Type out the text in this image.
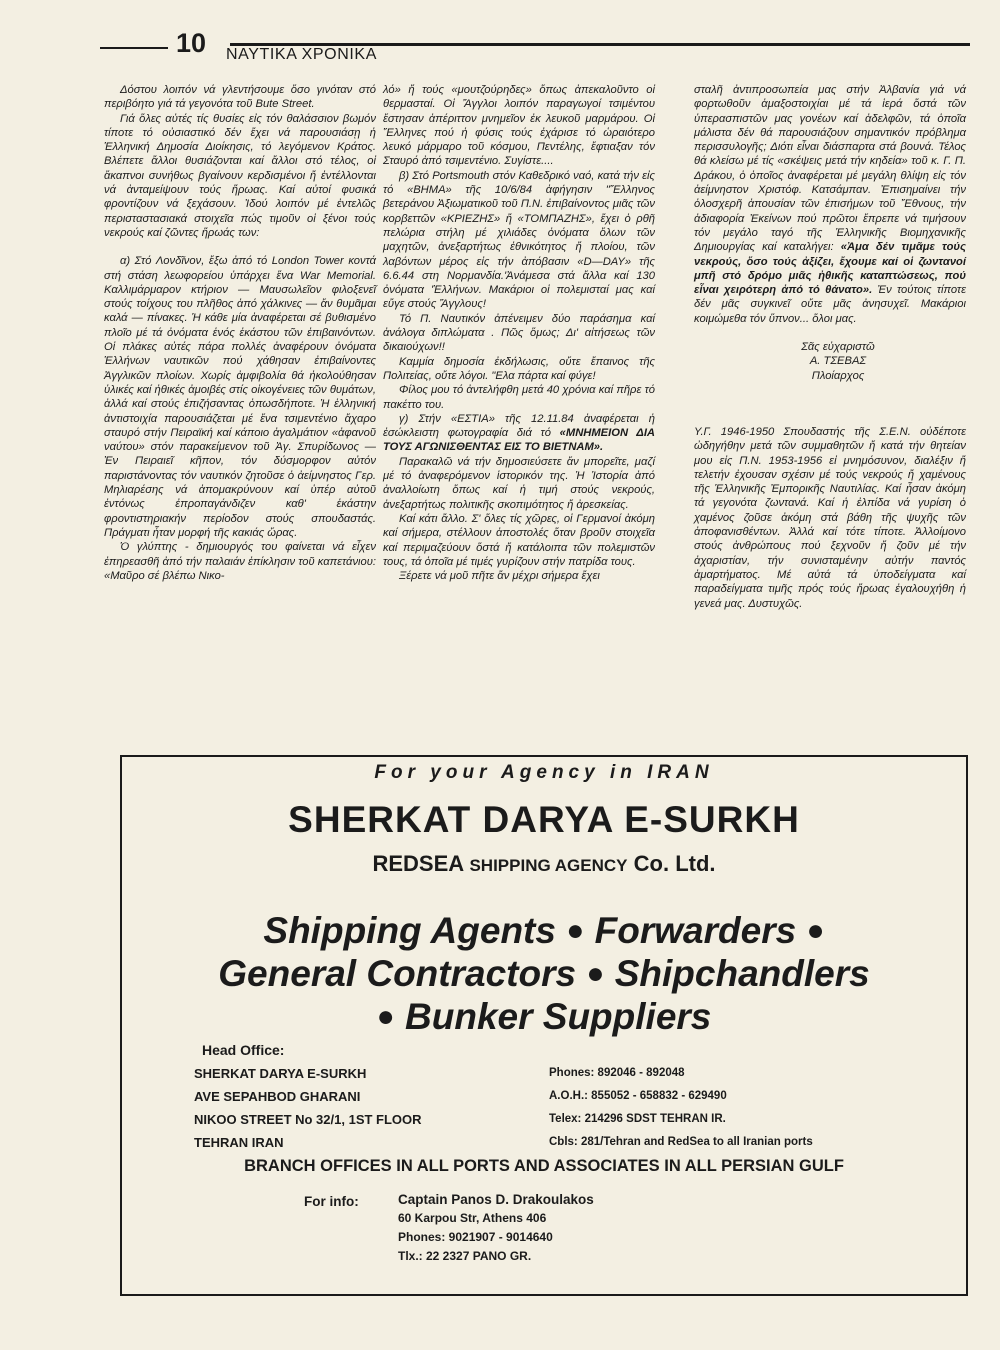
10 ΝΑΥΤΙΚΑ ΧΡΟΝΙΚΑ

Δόστου λοιπόν νά γλεντήσουμε ὅσο γινόταν στό περιβόητο γιά τά γεγονότα τοῦ Bute Street.

Γιά ὅλες αὐτές τίς θυσίες εἰς τόν θαλάσσιον βωμόν τίποτε τό οὐσιαστικό δέν ἔχει νά παρουσιάσῃ ἡ Ἑλληνική Δημοσία Διοίκησις, τό λεγόμενον Κράτος. Βλέπετε ἄλλοι θυσιάζονται καί ἄλλοι στό τέλος, οἱ ἄκαπνοι συνήθως βγαίνουν κερδισμένοι ἤ ἐντέλλονται νά ἀνταμείψουν τούς ἥρωας. Καί αὐτοί φυσικά φροντίζουν νά ξεχάσουν. Ἰδού λοιπόν μέ ἐντελῶς περισταστασιακά στοιχεῖα πώς τιμοῦν οἱ ξένοι τούς νεκρούς καί ζῶντες ἥρωάς των:

α) Στό Λονδῖνον, ἔξω ἀπό τό London Tower κοντά στή στάση λεωφορείου ὑπάρχει ἕνα War Memorial. Καλλιμάρμαρον κτήριον — Μαυσωλεῖον φιλοξενεῖ στούς τοίχους του πλῆθος ἀπό χάλκινες — ἄν θυμᾶμαι καλά — πίνακες. Ἡ κάθε μία ἀναφέρεται σέ βυθισμένο πλοῖο μέ τά ὀνόματα ἑνός ἑκάστου τῶν ἐπιβαινόντων. Οἱ πλάκες αὐτές πάρα πολλές ἀναφέρουν ὀνόματα Ἑλλήνων ναυτικῶν πού χάθησαν ἐπιβαίνοντες Ἀγγλικῶν πλοίων. Χωρίς ἀμφιβολία θά ἠκολούθησαν ὑλικές καί ἠθικές ἀμοιβές στίς οἰκογένειες τῶν θυμάτων, ἀλλά καί στούς ἐπιζήσαντας ὁπωσδήποτε. Ἡ ἑλληνική ἀντιστοιχία παρουσιάζεται μέ ἕνα τσιμεντένιο ἄχαρο σταυρό στήν Πειραϊκή καί κάποιο ἀγαλμάτιον «ἀφανοῦ ναύτου» στόν παρακείμενον τοῦ Ἀγ. Σπυρίδωνος — Ἐν Πειραιεῖ κῆπον, τόν δύσμορφον αὐτόν παριστάνοντας τόν ναυτικόν ζητοῦσε ὁ ἀείμνηστος Γερ. Μηλιαρέσης νά ἀπομακρύνουν καί ὑπέρ αὐτοῦ ἐντόνως ἐπροπαγάνδιζεν καθ' ἑκάστην φροντιστηριακήν περίοδον στούς σπουδαστάς. Πράγματι ἦταν μορφή τῆς κακιάς ὥρας.

Ὁ γλύπτης - δημιουργός του φαίνεται νά εἶχεν ἐπηρεασθῆ ἀπό τήν παλαιάν ἐπίκλησιν τοῦ καπετάνιου: «Μαῦρο σέ βλέπω Νικο-

λό» ἤ τούς «μουτζούρηδες» ὅπως ἀπεκαλοῦντο οἱ θερμασταί. Οἱ Ἄγγλοι λοιπόν παραγωγοί τσιμέντου ἔστησαν ἀπέριττον μνημεῖον ἐκ λευκοῦ μαρμάρου. Οἱ Ἕλληνες πού ἡ φύσις τούς ἐχάρισε τό ὡραιότερο λευκό μάρμαρο τοῦ κόσμου, Πεντέλης, ἔφτιαξαν τόν Σταυρό ἀπό τσιμεντένιο. Συγίστε....

β) Στό Portsmouth στόν Καθεδρικό ναό, κατά τήν εἰς τό «ΒΗΜΑ» τῆς 10/6/84 ἀφήγησιν "Ἕλληνος βετεράνου Ἀξιωματικοῦ τοῦ Π.Ν. ἐπιβαίνοντος μιᾶς τῶν κορβεττῶν «ΚΡΙΕΖΗΣ» ἤ «ΤΟΜΠΑΖΗΣ», ἔχει ὀ ρθῆ πελώρια στήλη μέ χιλιάδες ὀνόματα ὅλων τῶν μαχητῶν, ἀνεξαρτήτως ἐθνικότητος ἤ πλοίου, τῶν λαβόντων μέρος εἰς τήν ἀπόβασιν «D—DAY» τῆς 6.6.44 στη Νορμανδία.'Ἀνάμεσα στά ἄλλα καί 130 ὀνόματα 'Ἑλλήνων. Μακάριοι οἱ πολεμισταί μας καί εὔγε στούς Ἄγγλους!

Τό Π. Ναυτικόν ἀπένειμεν δύο παράσημα καί ἀνάλογα διπλώματα . Πῶς ὅμως; Δι' αἰτήσεως τῶν δικαιούχων!!

Καμμία δημοσία ἐκδήλωσις, οὔτε ἔπαινος τῆς Πολιτείας, οὔτε λόγοι. "Ελα πάρτα καί φύγε!

Φίλος μου τό ἀντελήφθη μετά 40 χρόνια καί πῆρε τό πακέττο του.

γ) Στήν «ΕΣΤΙΑ» τῆς 12.11.84 ἀναφέρεται ἡ ἐσώκλειστη φωτογραφία διά τό «ΜΝΗΜΕΙΟΝ ΔΙΑ ΤΟΥΣ ΑΓΩΝΙΣΘΕΝΤΑΣ ΕΙΣ ΤΟ ΒΙΕΤΝΑΜ».

Παρακαλῶ νά τήν δημοσιεύσετε ἄν μπορεῖτε, μαζί μέ τό ἀναφερόμενον ἱστορικόν της. Ἡ Ἱστορία ἀπό ἀναλλοίωτη ὅπως καί ἡ τιμή στούς νεκρούς, ἀνεξαρτήτως πολιτικῆς σκοπιμότητος ἤ ἀρεσκείας.

Καί κάτι ἄλλο. Σ' ὅλες τίς χῶρες, οἱ Γερμανοί ἀκόμη καί σήμερα, στέλλουν ἀποστολές ὅταν βροῦν στοιχεῖα καί περιμαζεύουν ὅστά ἤ κατάλοιπα τῶν πολεμιστῶν τους, τά ὁποῖα μέ τιμές γυρίζουν στήν πατρίδα τους.

Ξέρετε νά μοῦ πῆτε ἄν μέχρι σήμερα ἔχει

σταλῆ ἀντιπροσωπεία μας στήν Ἀλβανία γιά νά φορτωθοῦν ἁμαξοστοιχίαι μέ τά ἱερά ὅστά τῶν ὑπερασπιστῶν μας γονέων καί ἀδελφῶν, τά ὁποῖα μάλιστα δέν θά παρουσιάζουν σημαντικόν πρόβλημα περισσυλογῆς; Διότι εἶναι διάσπαρτα στά βουνά. Τέλος θά κλείσω μέ τίς «σκέψεις μετά τήν κηδεία» τοῦ κ. Γ. Π. Δράκου, ὁ ὁποῖος ἀναφέρεται μέ μεγάλη θλίψη εἰς τόν ἀείμνηστον Χριστόφ. Κατσάμπαν. Ἐπισημαίνει τήν ὁλοσχερῆ ἀπουσίαν τῶν ἐπισήμων τοῦ Ἔθνους, τήν ἀδιαφορία Ἐκείνων πού πρῶτοι ἔπρεπε νά τιμήσουν τόν μεγάλο ταγό τῆς Ἑλληνικῆς Βιομηχανικῆς Δημιουργίας καί καταλήγει: «Ἀμα δέν τιμᾶμε τούς νεκρούς, ὅσο τούς ἀξίζει, ἔχουμε καί οἱ ζωντανοί μπῆ στό δρόμο μιᾶς ἠθικῆς καταπτώσεως, πού εἶναι χειρότερη ἀπό τό θάνατο». Ἐν τούτοις τίποτε δέν μᾶς συγκινεῖ οὔτε μᾶς ἀνησυχεῖ. Μακάριοι κοιμώμεθα τόν ὕπνον... ὅλοι μας.

Σᾶς εὐχαριστῶ

Α. ΤΣΕΒΑΣ

Πλοίαρχος

Υ.Γ. 1946-1950 Σπουδαστής τῆς Σ.Ε.Ν. οὐδέποτε ὠδηγήθην μετά τῶν συμμαθητῶν ἤ κατά τήν θητείαν μου εἰς Π.Ν. 1953-1956 εἰ μνημόσυνον, διαλέξιν ἤ τελετήν ἐχουσαν σχέσιν μέ τούς νεκρούς ἤ χαμένους τῆς Ἑλληνικῆς Ἐμπορικῆς Ναυτιλίας. Καί ἦσαν ἀκόμη τά γεγονότα ζωντανά. Καί ἡ ἐλπίδα νά γυρίση ὁ χαμένος ζοῦσε ἀκόμη στά βάθη τῆς ψυχῆς τῶν ἀποφανισθέντων. Ἀλλά καί τότε τίποτε. Ἀλλοίμονο στούς ἀνθρώπους πού ξεχνοῦν ἤ ζοῦν μέ τήν ἀχαριστίαν, τήν συνισταμένην αὐτήν παντός ἁμαρτήματος. Μέ αὐτά τά ὑποδείγματα καί παραδείγματα τιμῆς πρός τούς ἥρωας ἐγαλουχήθη ἡ γενεά μας. Δυστυχῶς.

For your Agency in IRAN
SHERKAT DARYA E-SURKH
REDSEA SHIPPING AGENCY Co. Ltd.
Shipping Agents ● Forwarders ●
General Contractors ● Shipchandlers
● Bunker Suppliers
Head Office:
SHERKAT DARYA E-SURKH
AVE SEPAHBOD GHARANI
NIKOO STREET No 32/1, 1ST FLOOR
TEHRAN IRAN
Phones: 892046 - 892048
A.O.H.: 855052 - 658832 - 629490
Telex: 214296 SDST TEHRAN IR.
Cbls: 281/Tehran and RedSea to all Iranian ports
BRANCH OFFICES IN ALL PORTS AND ASSOCIATES IN ALL PERSIAN GULF
For info:	Captain Panos D. Drakoulakos
60 Karpou Str, Athens 406
Phones: 9021907 - 9014640
Tlx.: 22 2327 PANO GR.
